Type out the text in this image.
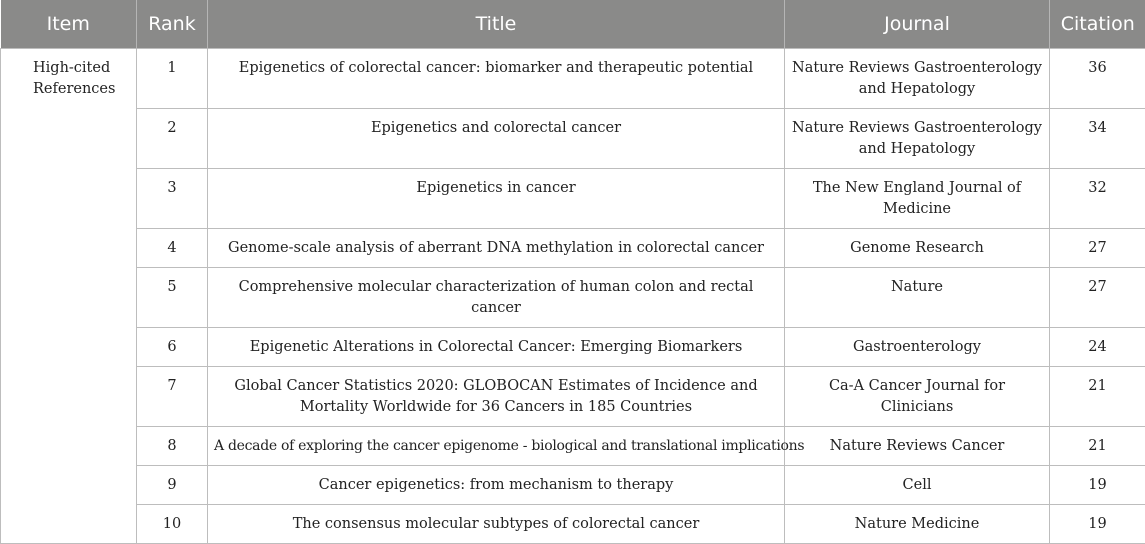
Item	Rank	Title	Journal	Citation
High-cited References	1	Epigenetics of colorectal cancer: biomarker and therapeutic potential	Nature Reviews Gastroenterology and Hepatology	36
	2	Epigenetics and colorectal cancer	Nature Reviews Gastroenterology and Hepatology	34
	3	Epigenetics in cancer	The New England Journal of Medicine	32
	4	Genome-scale analysis of aberrant DNA methylation in colorectal cancer	Genome Research	27
	5	Comprehensive molecular characterization of human colon and rectal cancer	Nature	27
	6	Epigenetic Alterations in Colorectal Cancer: Emerging Biomarkers	Gastroenterology	24
	7	Global Cancer Statistics 2020: GLOBOCAN Estimates of Incidence and Mortality Worldwide for 36 Cancers in 185 Countries	Ca-A Cancer Journal for Clinicians	21
	8	A decade of exploring the cancer epigenome - biological and translational implications	Nature Reviews Cancer	21
	9	Cancer epigenetics: from mechanism to therapy	Cell	19
	10	The consensus molecular subtypes of colorectal cancer	Nature Medicine	19
